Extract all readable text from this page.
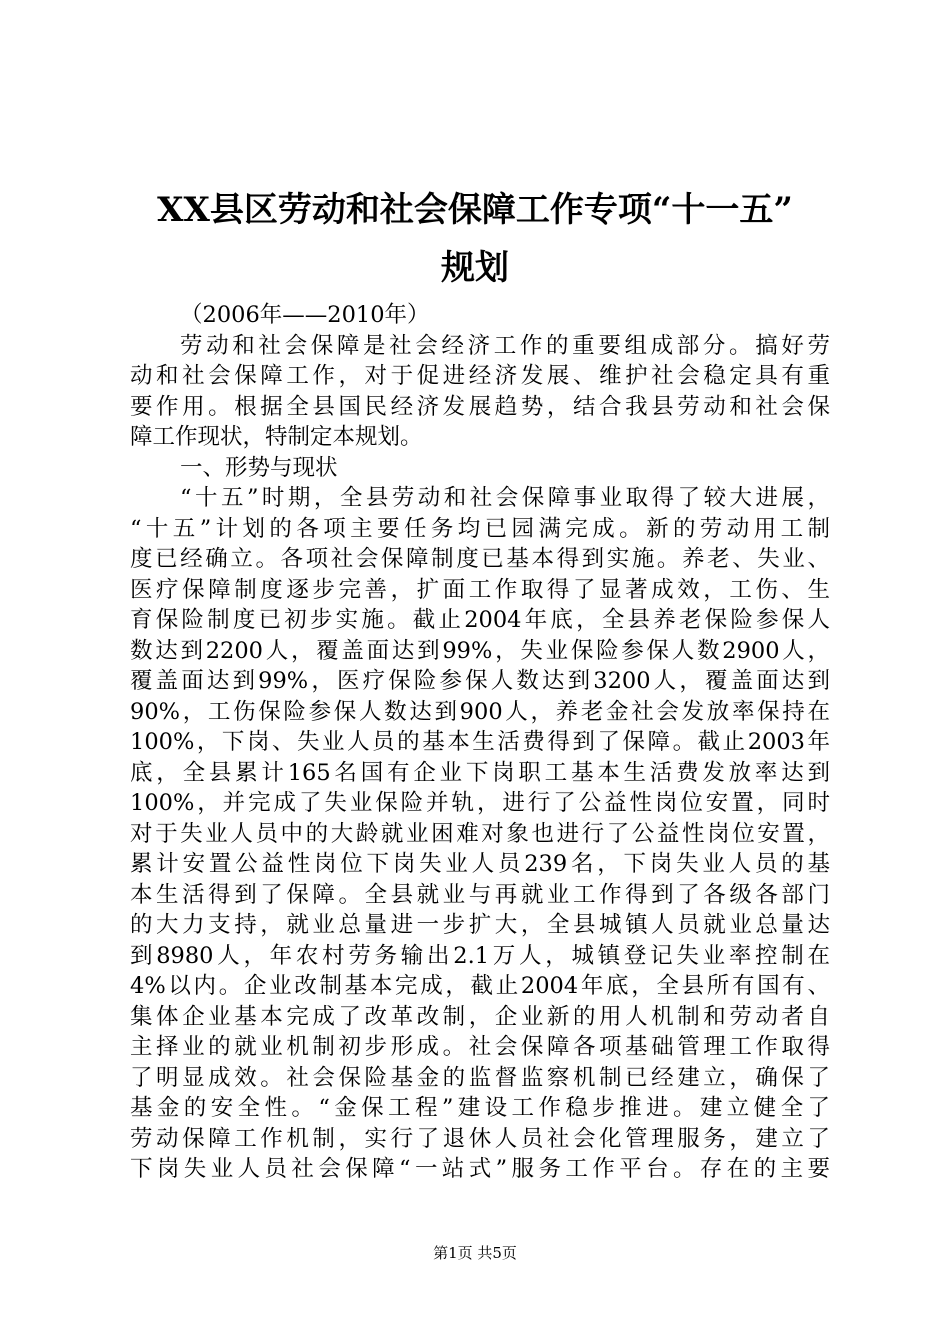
XX县区劳动和社会保障工作专项“十一五”
规划
（2006年——2010年）
劳动和社会保障是社会经济工作的重要组成部分。搞好劳
动和社会保障工作，对于促进经济发展、维护社会稳定具有重
要作用。根据全县国民经济发展趋势，结合我县劳动和社会保
障工作现状，特制定本规划。
一、形势与现状
“十五”时期，全县劳动和社会保障事业取得了较大进展，
“十五”计划的各项主要任务均已园满完成。新的劳动用工制
度已经确立。各项社会保障制度已基本得到实施。养老、失业、
医疗保障制度逐步完善，扩面工作取得了显著成效，工伤、生
育保险制度已初步实施。截止2004年底，全县养老保险参保人
数达到2200人，覆盖面达到99%，失业保险参保人数2900人，
覆盖面达到99%，医疗保险参保人数达到3200人，覆盖面达到
90%，工伤保险参保人数达到900人，养老金社会发放率保持在
100%，下岗、失业人员的基本生活费得到了保障。截止2003年
底，全县累计165名国有企业下岗职工基本生活费发放率达到
100%，并完成了失业保险并轨，进行了公益性岗位安置，同时
对于失业人员中的大龄就业困难对象也进行了公益性岗位安置，
累计安置公益性岗位下岗失业人员239名，下岗失业人员的基
本生活得到了保障。全县就业与再就业工作得到了各级各部门
的大力支持，就业总量进一步扩大，全县城镇人员就业总量达
到8980人，年农村劳务输出2.1万人，城镇登记失业率控制在
4%以内。企业改制基本完成，截止2004年底，全县所有国有、
集体企业基本完成了改革改制，企业新的用人机制和劳动者自
主择业的就业机制初步形成。社会保障各项基础管理工作取得
了明显成效。社会保险基金的监督监察机制已经建立，确保了
基金的安全性。“金保工程”建设工作稳步推进。建立健全了
劳动保障工作机制，实行了退休人员社会化管理服务，建立了
下岗失业人员社会保障“一站式”服务工作平台。存在的主要
第1页 共5页
